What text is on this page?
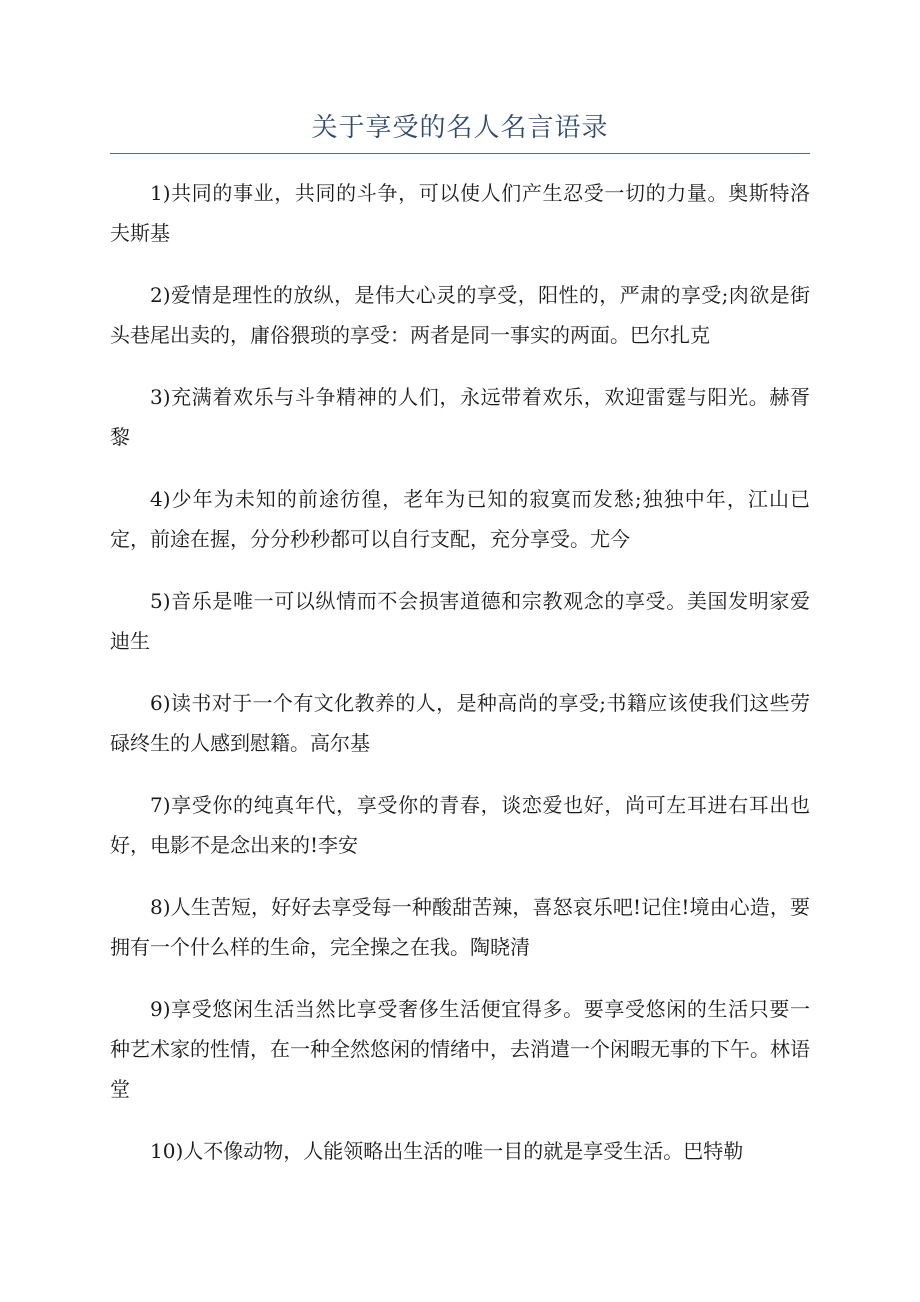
关于享受的名人名言语录

1)共同的事业，共同的斗争，可以使人们产生忍受一切的力量。奥斯特洛夫斯基

2)爱情是理性的放纵，是伟大心灵的享受，阳性的，严肃的享受;肉欲是街头巷尾出卖的，庸俗猥琐的享受：两者是同一事实的两面。巴尔扎克

3)充满着欢乐与斗争精神的人们，永远带着欢乐，欢迎雷霆与阳光。赫胥黎

4)少年为未知的前途彷徨，老年为已知的寂寞而发愁;独独中年，江山已定，前途在握，分分秒秒都可以自行支配，充分享受。尤今

5)音乐是唯一可以纵情而不会损害道德和宗教观念的享受。美国发明家爱迪生

6)读书对于一个有文化教养的人，是种高尚的享受;书籍应该使我们这些劳碌终生的人感到慰籍。高尔基

7)享受你的纯真年代，享受你的青春，谈恋爱也好，尚可左耳进右耳出也好，电影不是念出来的!李安

8)人生苦短，好好去享受每一种酸甜苦辣，喜怒哀乐吧!记住!境由心造，要拥有一个什么样的生命，完全操之在我。陶晓清

9)享受悠闲生活当然比享受奢侈生活便宜得多。要享受悠闲的生活只要一种艺术家的性情，在一种全然悠闲的情绪中，去消遣一个闲暇无事的下午。林语堂

10)人不像动物，人能领略出生活的唯一目的就是享受生活。巴特勒
